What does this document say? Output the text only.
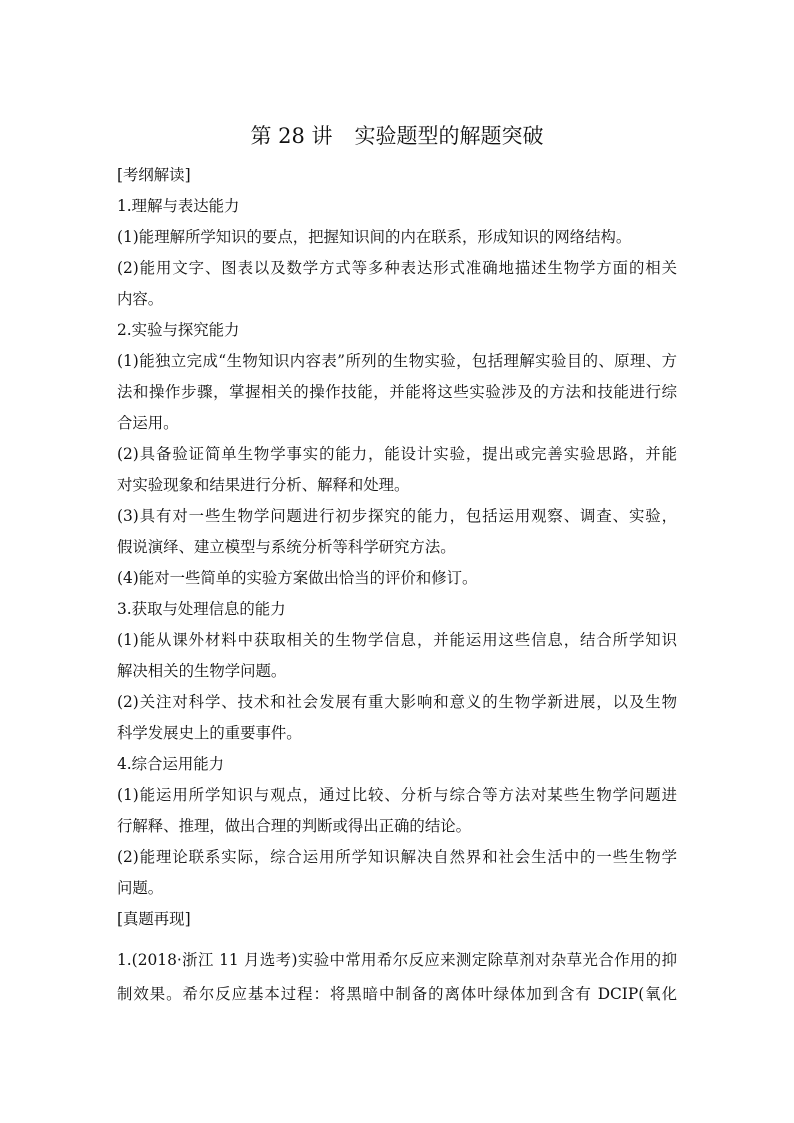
第 28 讲 实验题型的解题突破
[考纲解读]
1.理解与表达能力
(1)能理解所学知识的要点，把握知识间的内在联系，形成知识的网络结构。
(2)能用文字、图表以及数学方式等多种表达形式准确地描述生物学方面的相关
内容。
2.实验与探究能力
(1)能独立完成“生物知识内容表”所列的生物实验，包括理解实验目的、原理、方
法和操作步骤，掌握相关的操作技能，并能将这些实验涉及的方法和技能进行综
合运用。
(2)具备验证简单生物学事实的能力，能设计实验，提出或完善实验思路，并能
对实验现象和结果进行分析、解释和处理。
(3)具有对一些生物学问题进行初步探究的能力，包括运用观察、调查、实验，
假说演绎、建立模型与系统分析等科学研究方法。
(4)能对一些简单的实验方案做出恰当的评价和修订。
3.获取与处理信息的能力
(1)能从课外材料中获取相关的生物学信息，并能运用这些信息，结合所学知识
解决相关的生物学问题。
(2)关注对科学、技术和社会发展有重大影响和意义的生物学新进展，以及生物
科学发展史上的重要事件。
4.综合运用能力
(1)能运用所学知识与观点，通过比较、分析与综合等方法对某些生物学问题进
行解释、推理，做出合理的判断或得出正确的结论。
(2)能理论联系实际，综合运用所学知识解决自然界和社会生活中的一些生物学
问题。
[真题再现]
1.(2018·浙江 11 月选考)实验中常用希尔反应来测定除草剂对杂草光合作用的抑
制效果。希尔反应基本过程：将黑暗中制备的离体叶绿体加到含有 DCIP(氧化
